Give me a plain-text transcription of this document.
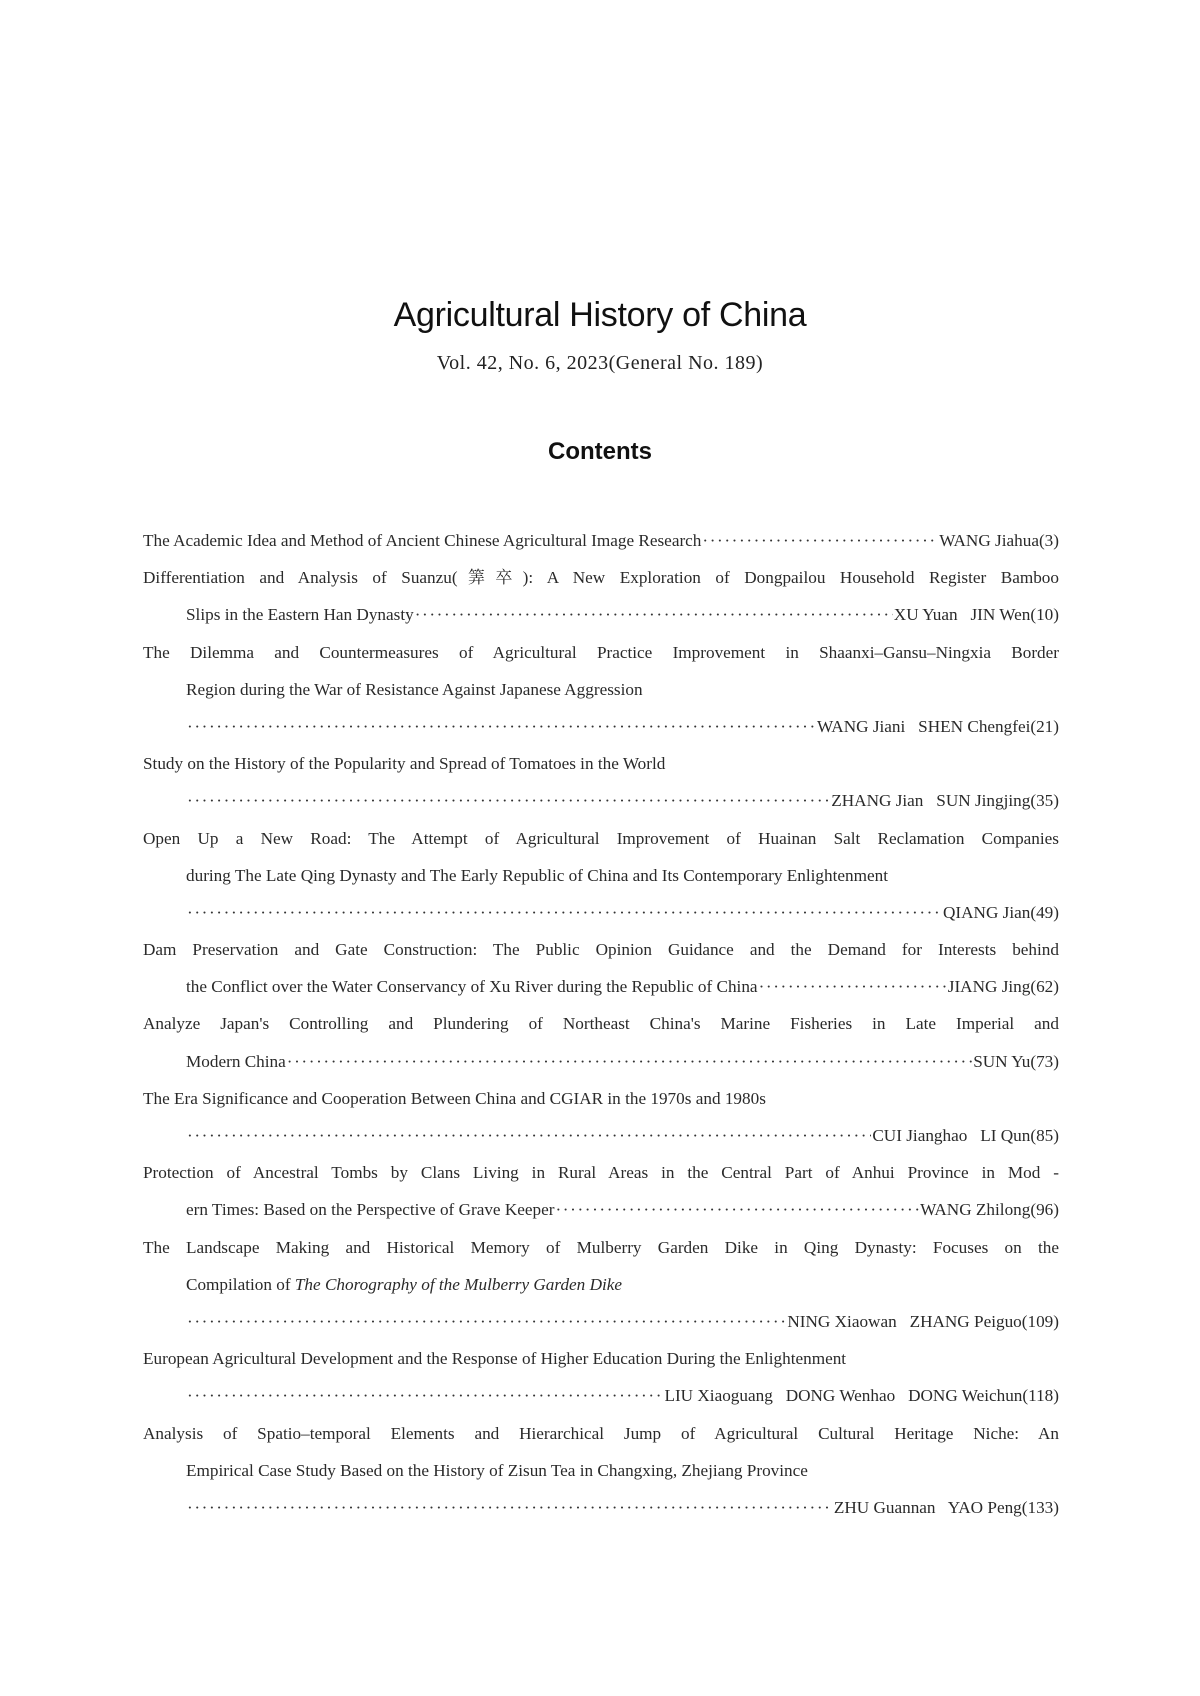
Agricultural History of China
Vol. 42, No. 6, 2023(General No. 189)
Contents
The Academic Idea and Method of Ancient Chinese Agricultural Image Research ·····	WANG Jiahua (3)
Differentiation and Analysis of Suanzu(筭卒): A New Exploration of Dongpailou Household Register Bamboo
Slips in the Eastern Han Dynasty ·····	XU Yuan   JIN Wen (10)
The Dilemma and Countermeasures of Agricultural Practice Improvement in Shaanxi–Gansu–Ningxia Border
Region during the War of Resistance Against Japanese Aggression
·····
WANG Jiani   SHEN Chengfei (21)
Study on the History of the Popularity and Spread of Tomatoes in the World
·····
ZHANG Jian   SUN Jingjing (35)
Open Up a New Road: The Attempt of Agricultural Improvement of Huainan Salt Reclamation Companies
during The Late Qing Dynasty and The Early Republic of China and Its Contemporary Enlightenment
·····
QIANG Jian (49)
Dam Preservation and Gate Construction: The Public Opinion Guidance and the Demand for Interests behind
the Conflict over the Water Conservancy of Xu River during the Republic of China ·····	JIANG Jing (62)
Analyze Japan's Controlling and Plundering of Northeast China's Marine Fisheries in Late Imperial and
Modern China ·····	SUN Yu (73)
The Era Significance and Cooperation Between China and CGIAR in the 1970s and 1980s
·····
CUI Jianghao   LI Qun (85)
Protection of Ancestral Tombs by Clans Living in Rural Areas in the Central Part of Anhui Province in Mod -
ern Times: Based on the Perspective of Grave Keeper ·····	WANG Zhilong (96)
The Landscape Making and Historical Memory of Mulberry Garden Dike in Qing Dynasty: Focuses on the
Compilation of The Chorography of the Mulberry Garden Dike
·····
NING Xiaowan   ZHANG Peiguo (109)
European Agricultural Development and the Response of Higher Education During the Enlightenment
·····
LIU Xiaoguang   DONG Wenhao   DONG Weichun (118)
Analysis of Spatio–temporal Elements and Hierarchical Jump of Agricultural Cultural Heritage Niche: An
Empirical Case Study Based on the History of Zisun Tea in Changxing, Zhejiang Province
·····
ZHU Guannan   YAO Peng (133)
